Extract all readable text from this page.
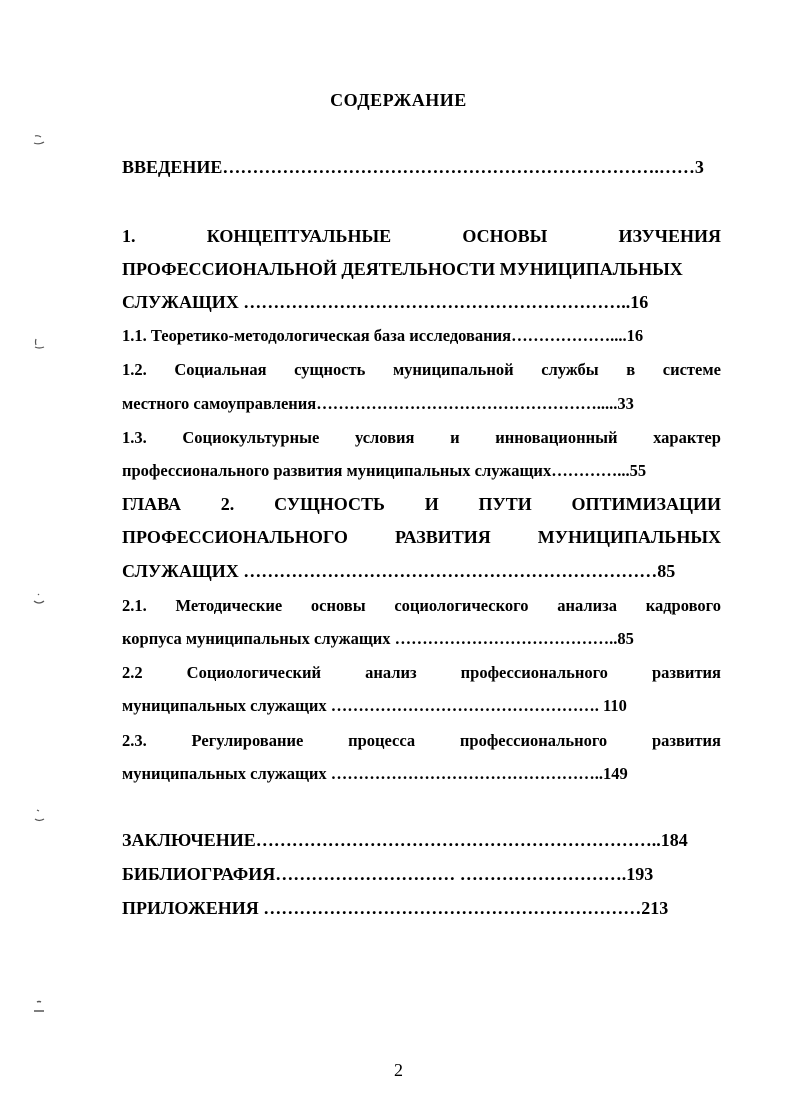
СОДЕРЖАНИЕ
ВВЕДЕНИЕ……………………………………………………………….……3
1.	КОНЦЕПТУАЛЬНЫЕ	ОСНОВЫ	ИЗУЧЕНИЯ
ПРОФЕССИОНАЛЬНОЙ ДЕЯТЕЛЬНОСТИ МУНИЦИПАЛЬНЫХ
СЛУЖАЩИХ ………………………………………………………..16
1.1. Теоретико-методологическая база исследования………………....16
1.2. Социальная сущность муниципальной службы в системе
местного самоуправления…………………………………………….....33
1.3. Социокультурные условия и инновационный характер
профессионального развития муниципальных служащих…………...55
ГЛАВА 2. СУЩНОСТЬ И ПУТИ ОПТИМИЗАЦИИ
ПРОФЕССИОНАЛЬНОГО	РАЗВИТИЯ	МУНИЦИПАЛЬНЫХ
СЛУЖАЩИХ ……………………………………………………………85
2.1. Методические основы социологического анализа кадрового
корпуса муниципальных служащих …………………………………..85
2.2	Социологический	анализ	профессионального	развития
муниципальных служащих …………………………………………. 110
2.3.	Регулирование	процесса	профессионального	развития
муниципальных служащих …………………………………………..149
ЗАКЛЮЧЕНИЕ…………………………………………………………..184
БИБЛИОГРАФИЯ………………………… ……………………….193
ПРИЛОЖЕНИЯ ………………………………………………………213
2
